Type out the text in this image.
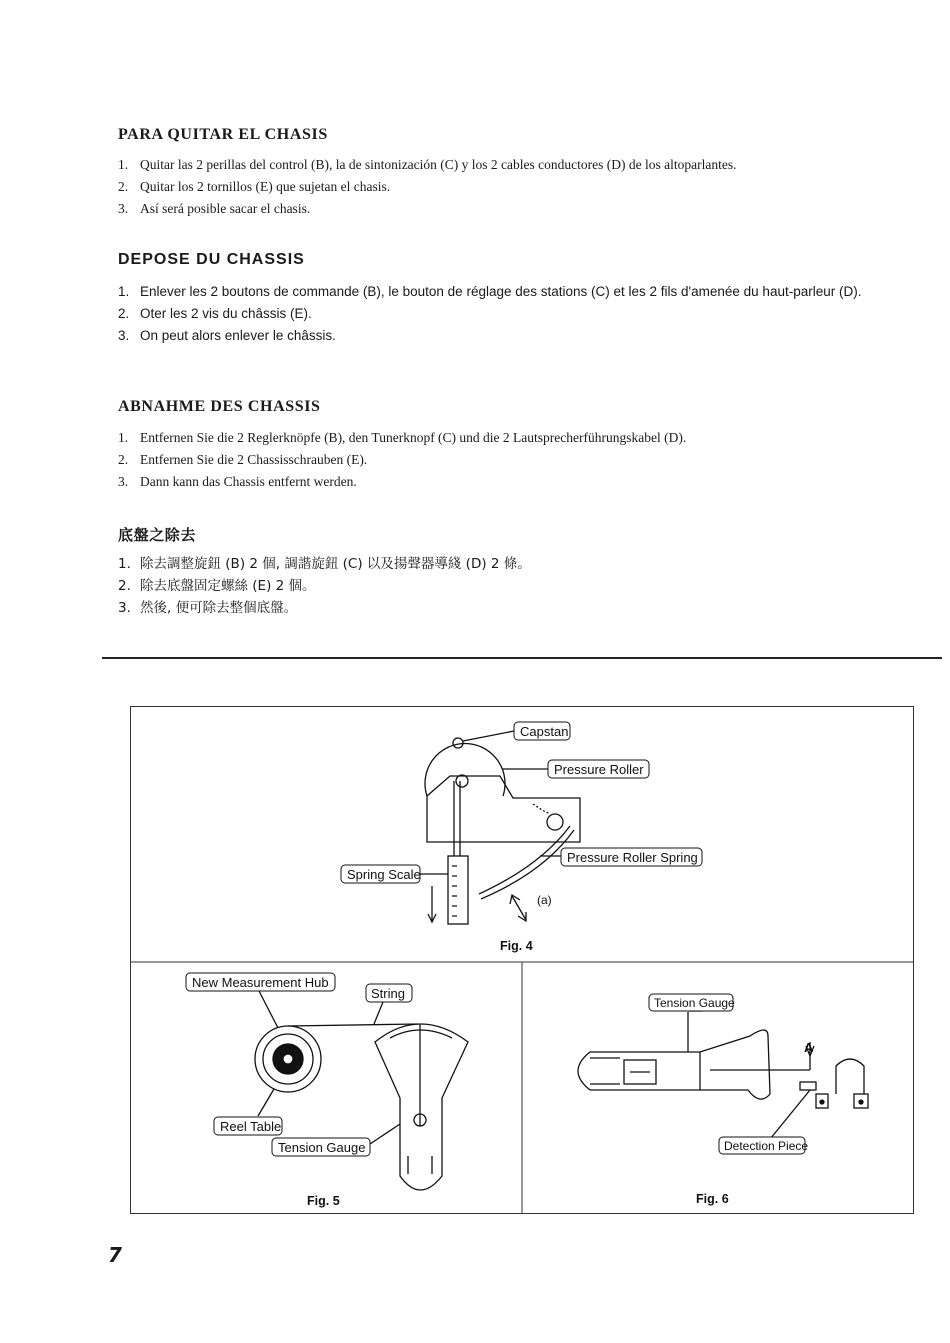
PARA QUITAR EL CHASIS
1. Quitar las 2 perillas del control (B), la de sintonización (C) y los 2 cables conductores (D) de los altoparlantes.
2. Quitar los 2 tornillos (E) que sujetan el chasis.
3. Así será posible sacar el chasis.
DEPOSE DU CHASSIS
1. Enlever les 2 boutons de commande (B), le bouton de réglage des stations (C) et les 2 fils d'amenée du haut-parleur (D).
2. Oter les 2 vis du châssis (E).
3. On peut alors enlever le châssis.
ABNAHME DES CHASSIS
1. Entfernen Sie die 2 Reglerknöpfe (B), den Tunerknopf (C) und die 2 Lautsprecherführungskabel (D).
2. Entfernen Sie die 2 Chassisschrauben (E).
3. Dann kann das Chassis entfernt werden.
底盤之除去
1. 除去調整旋鈕 (B) 2 個, 調諧旋鈕 (C) 以及揚聲器導綫 (D) 2 條。
2. 除去底盤固定螺絲 (E) 2 個。
3. 然後, 便可除去整個底盤。
Capstan
Pressure Roller
Pressure Roller Spring
Spring Scale
(a)
Fig. 4
New Measurement Hub
String
Reel Table
Tension Gauge
Fig. 5
Tension Gauge
A
Detection Piece
Fig. 6

7
